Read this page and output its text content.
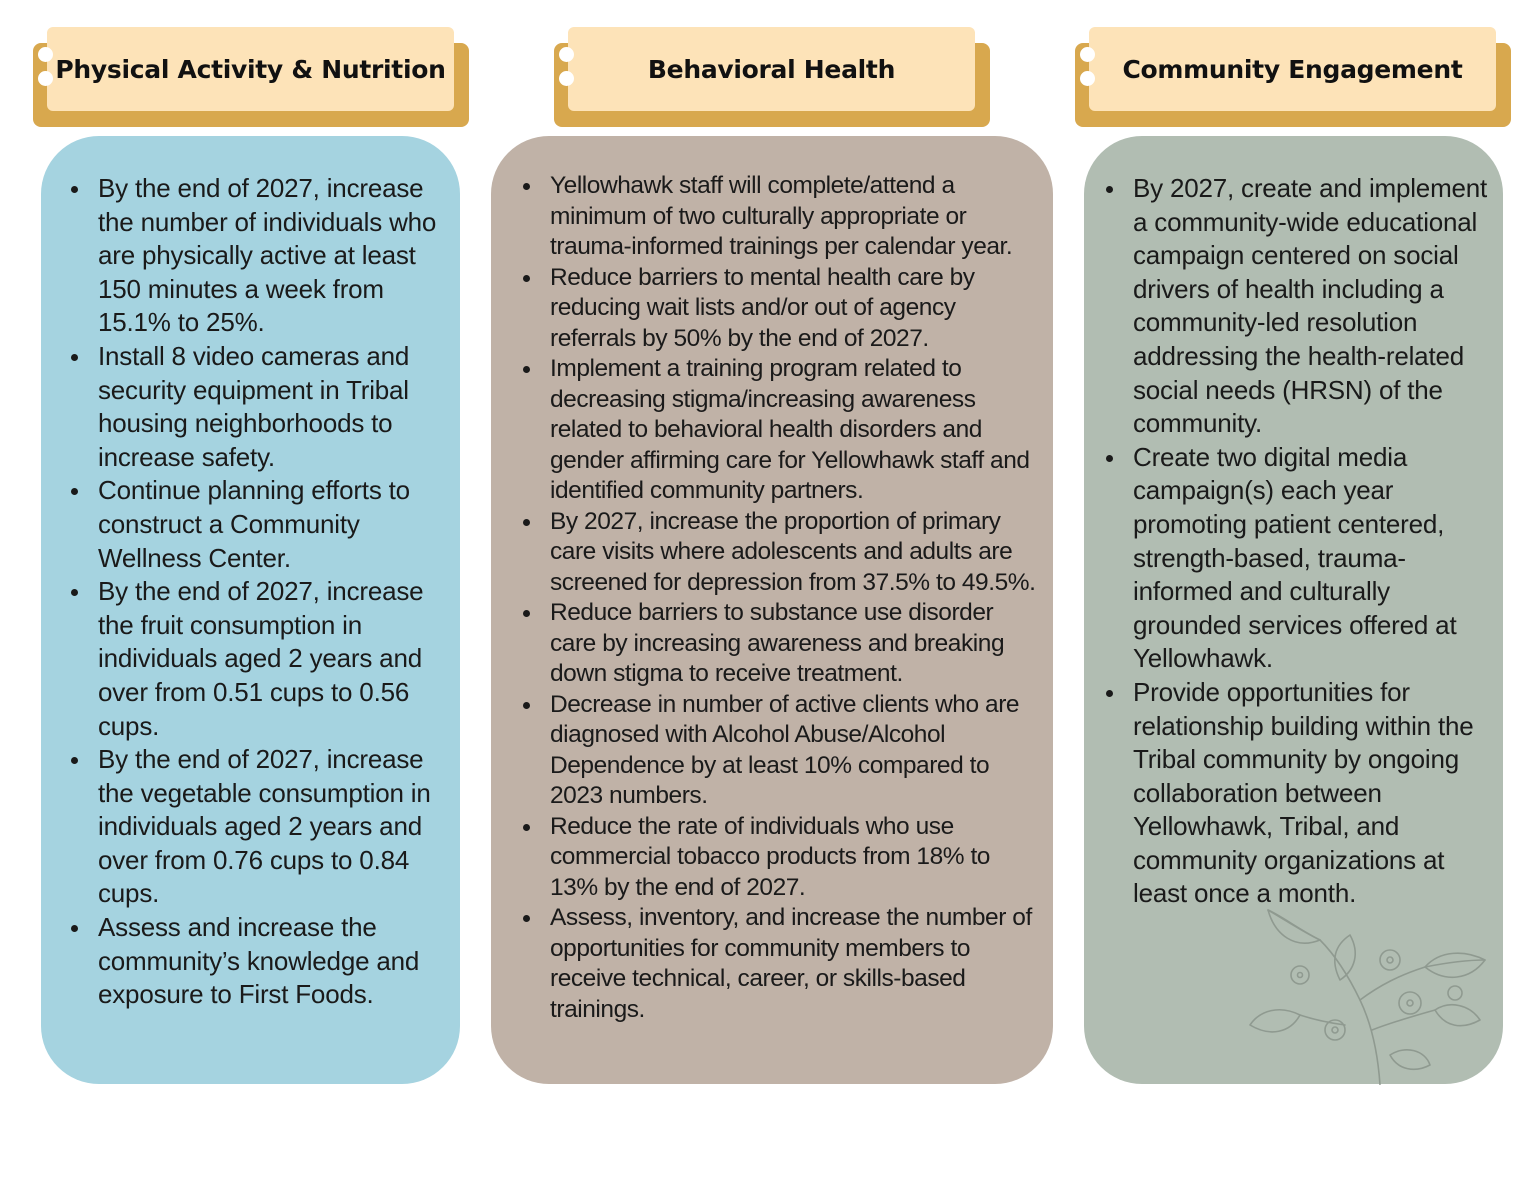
Physical Activity & Nutrition	Behavioral Health	Community Engagement
By the end of 2027, increase the number of individuals who are physically active at least 150 minutes a week from 15.1% to 25%.
Install 8 video cameras and security equipment in Tribal housing neighborhoods to increase safety.
Continue planning efforts to construct a Community Wellness Center.
By the end of 2027, increase the fruit consumption in individuals aged 2 years and over from 0.51 cups to 0.56 cups.
By the end of 2027, increase the vegetable consumption in individuals aged 2 years and over from 0.76 cups to 0.84 cups.
Assess and increase the community’s knowledge and exposure to First Foods.
Yellowhawk staff will complete/attend a minimum of two culturally appropriate or trauma-informed trainings per calendar year.
Reduce barriers to mental health care by reducing wait lists and/or out of agency referrals by 50% by the end of 2027.
Implement a training program related to decreasing stigma/increasing awareness related to behavioral health disorders and gender affirming care for Yellowhawk staff and identified community partners.
By 2027, increase the proportion of primary care visits where adolescents and adults are screened for depression from 37.5% to 49.5%.
Reduce barriers to substance use disorder care by increasing awareness and breaking down stigma to receive treatment.
Decrease in number of active clients who are diagnosed with Alcohol Abuse/Alcohol Dependence by at least 10% compared to 2023 numbers.
Reduce the rate of individuals who use commercial tobacco products from 18% to 13% by the end of 2027.
Assess, inventory, and increase the number of opportunities for community members to receive technical, career, or skills-based trainings.
By 2027, create and implement a community-wide educational campaign centered on social drivers of health including a community-led resolution addressing the health-related social needs (HRSN) of the community.
Create two digital media campaign(s) each year promoting patient centered, strength-based, trauma-informed and culturally grounded services offered at Yellowhawk.
Provide opportunities for relationship building within the Tribal community by ongoing collaboration between Yellowhawk, Tribal, and community organizations at least once a month.
